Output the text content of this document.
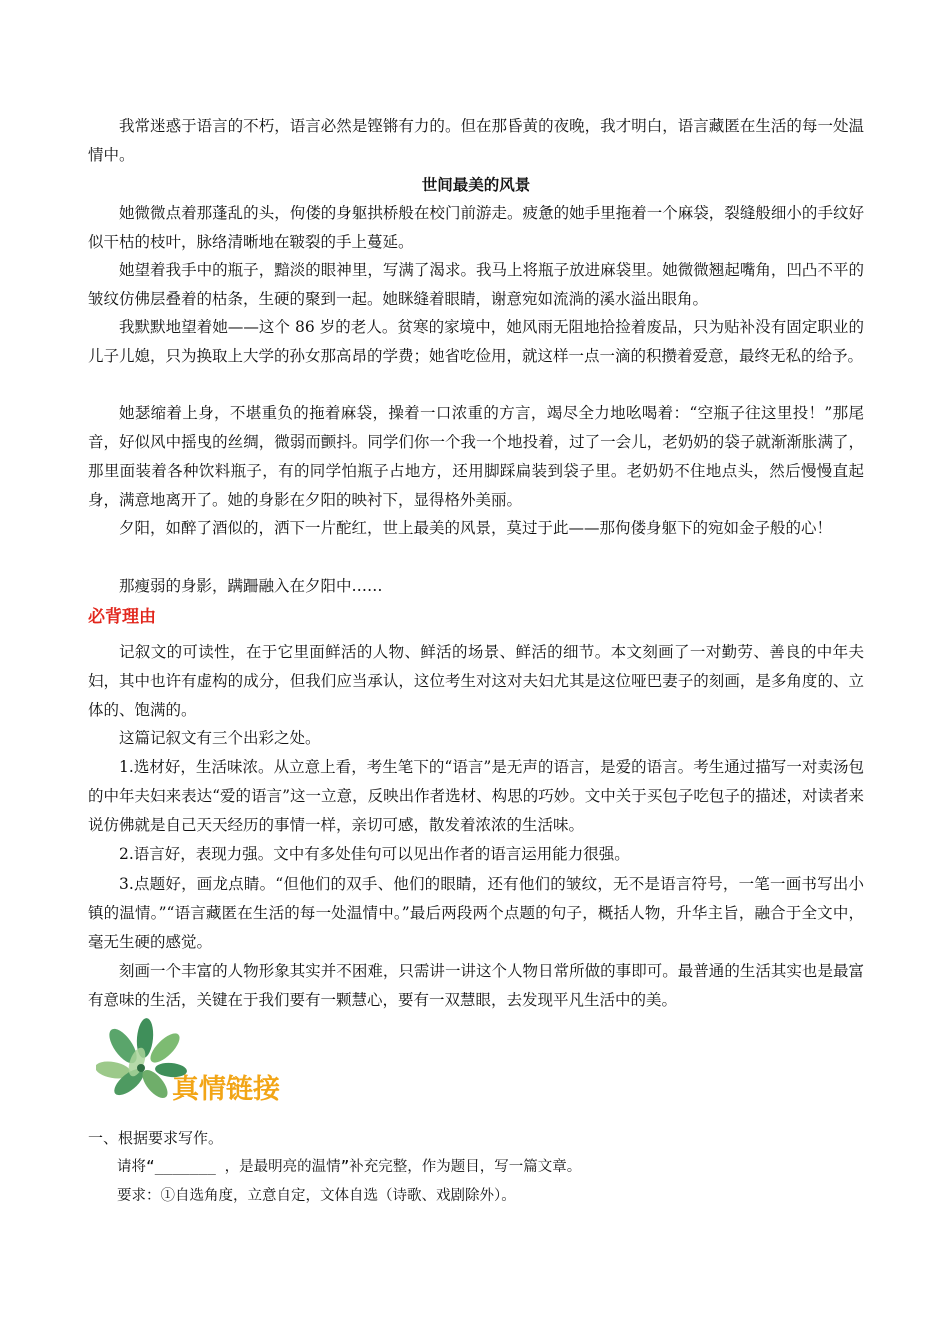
我常迷惑于语言的不朽，语言必然是铿锵有力的。但在那昏黄的夜晚，我才明白，语言藏匿在生活的每一处温情中。

世间最美的风景

她微微点着那蓬乱的头，佝偻的身躯拱桥般在校门前游走。疲惫的她手里拖着一个麻袋，裂缝般细小的手纹好似干枯的枝叶，脉络清晰地在皲裂的手上蔓延。

她望着我手中的瓶子，黯淡的眼神里，写满了渴求。我马上将瓶子放进麻袋里。她微微翘起嘴角，凹凸不平的皱纹仿佛层叠着的枯条，生硬的聚到一起。她眯缝着眼睛，谢意宛如流淌的溪水溢出眼角。

我默默地望着她——这个 86 岁的老人。贫寒的家境中，她风雨无阻地拾捡着废品，只为贴补没有固定职业的儿子儿媳，只为换取上大学的孙女那高昂的学费；她省吃俭用，就这样一点一滴的积攒着爱意，最终无私的给予。

她瑟缩着上身，不堪重负的拖着麻袋，操着一口浓重的方言，竭尽全力地吆喝着：“空瓶子往这里投！”那尾音，好似风中摇曳的丝绸，微弱而颤抖。同学们你一个我一个地投着，过了一会儿，老奶奶的袋子就渐渐胀满了，那里面装着各种饮料瓶子，有的同学怕瓶子占地方，还用脚踩扁装到袋子里。老奶奶不住地点头，然后慢慢直起身，满意地离开了。她的身影在夕阳的映衬下，显得格外美丽。

夕阳，如醉了酒似的，洒下一片酡红，世上最美的风景，莫过于此——那佝偻身躯下的宛如金子般的心！

那瘦弱的身影，蹒跚融入在夕阳中……

必背理由

记叙文的可读性，在于它里面鲜活的人物、鲜活的场景、鲜活的细节。本文刻画了一对勤劳、善良的中年夫妇，其中也许有虚构的成分，但我们应当承认，这位考生对这对夫妇尤其是这位哑巴妻子的刻画，是多角度的、立体的、饱满的。

这篇记叙文有三个出彩之处。

1.选材好，生活味浓。从立意上看，考生笔下的“语言”是无声的语言，是爱的语言。考生通过描写一对卖汤包的中年夫妇来表达“爱的语言”这一立意，反映出作者选材、构思的巧妙。文中关于买包子吃包子的描述，对读者来说仿佛就是自己天天经历的事情一样，亲切可感，散发着浓浓的生活味。

2.语言好，表现力强。文中有多处佳句可以见出作者的语言运用能力很强。

3.点题好，画龙点睛。“但他们的双手、他们的眼睛，还有他们的皱纹，无不是语言符号，一笔一画书写出小镇的温情。”“语言藏匿在生活的每一处温情中。”最后两段两个点题的句子，概括人物，升华主旨，融合于全文中，毫无生硬的感觉。

刻画一个丰富的人物形象其实并不困难，只需讲一讲这个人物日常所做的事即可。最普通的生活其实也是最富有意味的生活，关键在于我们要有一颗慧心，要有一双慧眼，去发现平凡生活中的美。

真情链接
一、根据要求写作。
请将“_______ ，是最明亮的温情”补充完整，作为题目，写一篇文章。
要求：①自选角度，立意自定，文体自选（诗歌、戏剧除外）。
